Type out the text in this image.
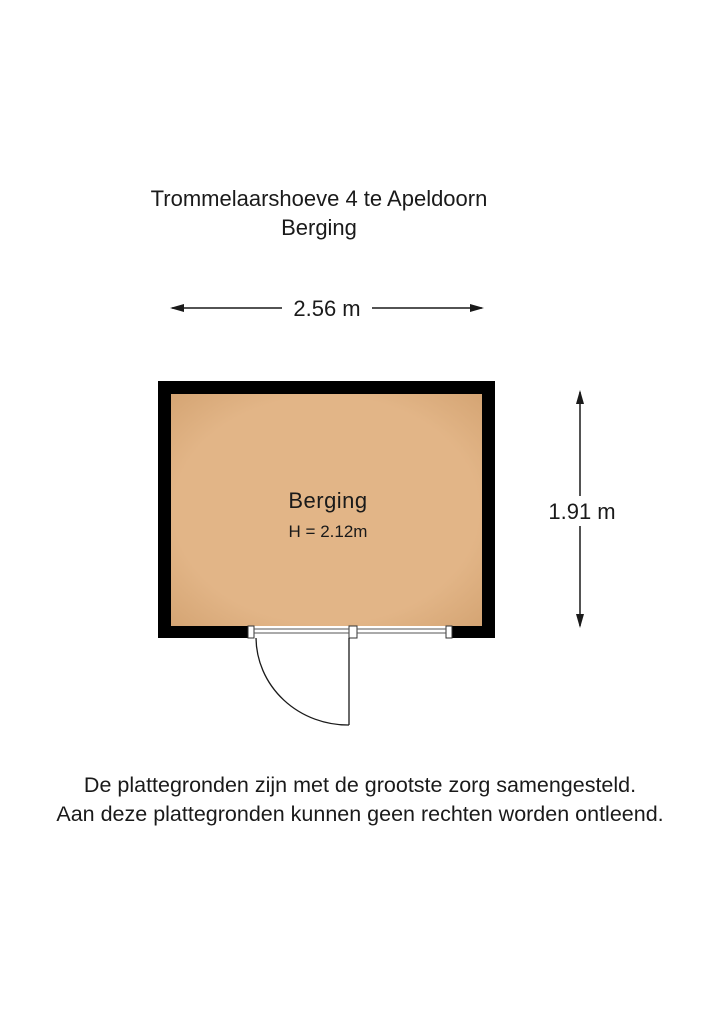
Trommelaarshoeve 4 te Apeldoorn
Berging
2.56 m
Berging
H = 2.12m
1.91 m
De plattegronden zijn met de grootste zorg samengesteld.
Aan deze plattegronden kunnen geen rechten worden ontleend.
